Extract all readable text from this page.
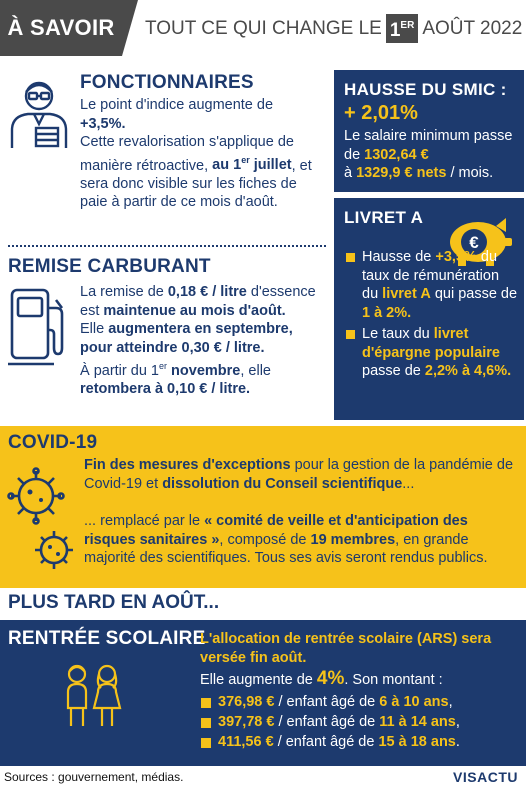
À SAVOIR	TOUT CE QUI CHANGE LE 1ER AOÛT 2022
FONCTIONNAIRES
Le point d'indice augmente de +3,5%.
Cette revalorisation s'applique de manière rétroactive, au 1er juillet, et sera donc visible sur les fiches de paie à partir de ce mois d'août.
REMISE CARBURANT
La remise de 0,18 € / litre d'essence est maintenue au mois d'août.
Elle augmentera en septembre, pour atteindre 0,30 € / litre.
À partir du 1er novembre, elle retombera à 0,10 € / litre.
HAUSSE DU SMIC :
+ 2,01%
Le salaire minimum passe de 1302,64 €
à 1329,9 € nets / mois.
LIVRET A
€
Hausse de +3,5% du taux de rémunération du livret A qui passe de 1 à 2%.
Le taux du livret d'épargne populaire passe de 2,2% à 4,6%.
COVID-19
Fin des mesures d'exceptions pour la gestion de la pandémie de Covid-19 et dissolution du Conseil scientifique...
... remplacé par le « comité de veille et d'anticipation des risques sanitaires », composé de 19 membres, en grande majorité des scientifiques. Tous ses avis seront rendus publics.
PLUS TARD EN AOÛT...
RENTRÉE SCOLAIRE
L'allocation de rentrée scolaire (ARS) sera versée fin août.
Elle augmente de 4%. Son montant :
376,98 € / enfant âgé de 6 à 10 ans,
397,78 € / enfant âgé de 11 à 14 ans,
411,56 € / enfant âgé de 15 à 18 ans.
Sources : gouvernement, médias.	VISACTU
